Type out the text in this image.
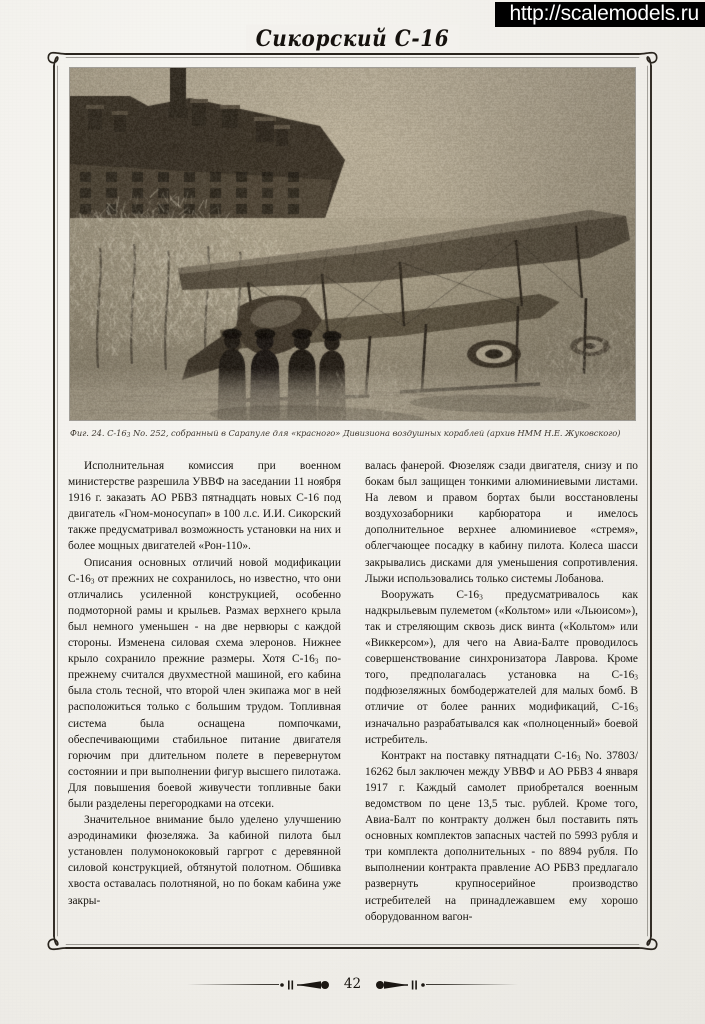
Сикорский С-16
Фиг. 24. $С-16_3$ No. 252, собранный в Сарапуле для «красного» Дивизиона воздушных кораблей (архив НММ Н.Е. Жуковского)

Исполнительная комиссия при военном министерстве разрешила УВВФ на заседании 11 ноября 1916 г. заказать АО РБВЗ пятнадцать новых С-16 под двигатель «Гном-моносупап» в 100 л.с. И.И. Сикорский также предусматривал возможность установки на них и более мощных двигателей «Рон-110».

Описания основных отличий новой модификации $С-16_3$ от прежних не сохранилось, но известно, что они отличались усиленной конструкцией, особенно подмоторной рамы и крыльев. Размах верхнего крыла был немного уменьшен - на две нервюры с каждой стороны. Изменена силовая схема элеронов. Нижнее крыло сохранило прежние размеры. Хотя $С-16_3$ по-прежнему считался двухместной машиной, его кабина была столь тесной, что второй член экипажа мог в ней расположиться только с большим трудом. Топливная система была оснащена помпочками, обеспечивающими стабильное питание двигателя горючим при длительном полете в перевернутом состоянии и при выполнении фигур высшего пилотажа. Для повышения боевой живучести топливные баки были разделены перегородками на отсеки.

Значительное внимание было уделено улучшению аэродинамики фюзеляжа. За кабиной пилота был установлен полумонококовый гаргрот с деревянной силовой конструкцией, обтянутой полотном. Обшивка хвоста оставалась полотняной, но по бокам кабина уже закры-

валась фанерой. Фюзеляж сзади двигателя, снизу и по бокам был защищен тонкими алюминиевыми листами. На левом и правом бортах были восстановлены воздухозаборники карбюратора и имелось дополнительное верхнее алюминиевое «стремя», облегчающее посадку в кабину пилота. Колеса шасси закрывались дисками для уменьшения сопротивления. Лыжи использовались только системы Лобанова.

Вооружать $С-16_3$ предусматривалось как надкрыльевым пулеметом («Кольтом» или «Льюисом»), так и стреляющим сквозь диск винта («Кольтом» или «Виккерсом»), для чего на Авиа-Балте проводилось совершенствование синхронизатора Лаврова. Кроме того, предполагалась установка на $С-16_3$ подфюзеляжных бомбодержателей для малых бомб. В отличие от более ранних модификаций, $С-16_3$ изначально разрабатывался как «полноценный» боевой истребитель.

Контракт на поставку пятнадцати $С-16_3$ No. 37803/ 16262 был заключен между УВВФ и АО РБВЗ 4 января 1917 г. Каждый самолет приобретался военным ведомством по цене 13,5 тыс. рублей. Кроме того, Авиа-Балт по контракту должен был поставить пять основных комплектов запасных частей по 5993 рубля и три комплекта дополнительных - по 8894 рубля. По выполнении контракта правление АО РБВЗ предлагало развернуть крупносерийное производство истребителей на принадлежавшем ему хорошо оборудованном вагон-

42
http://scalemodels.ru
